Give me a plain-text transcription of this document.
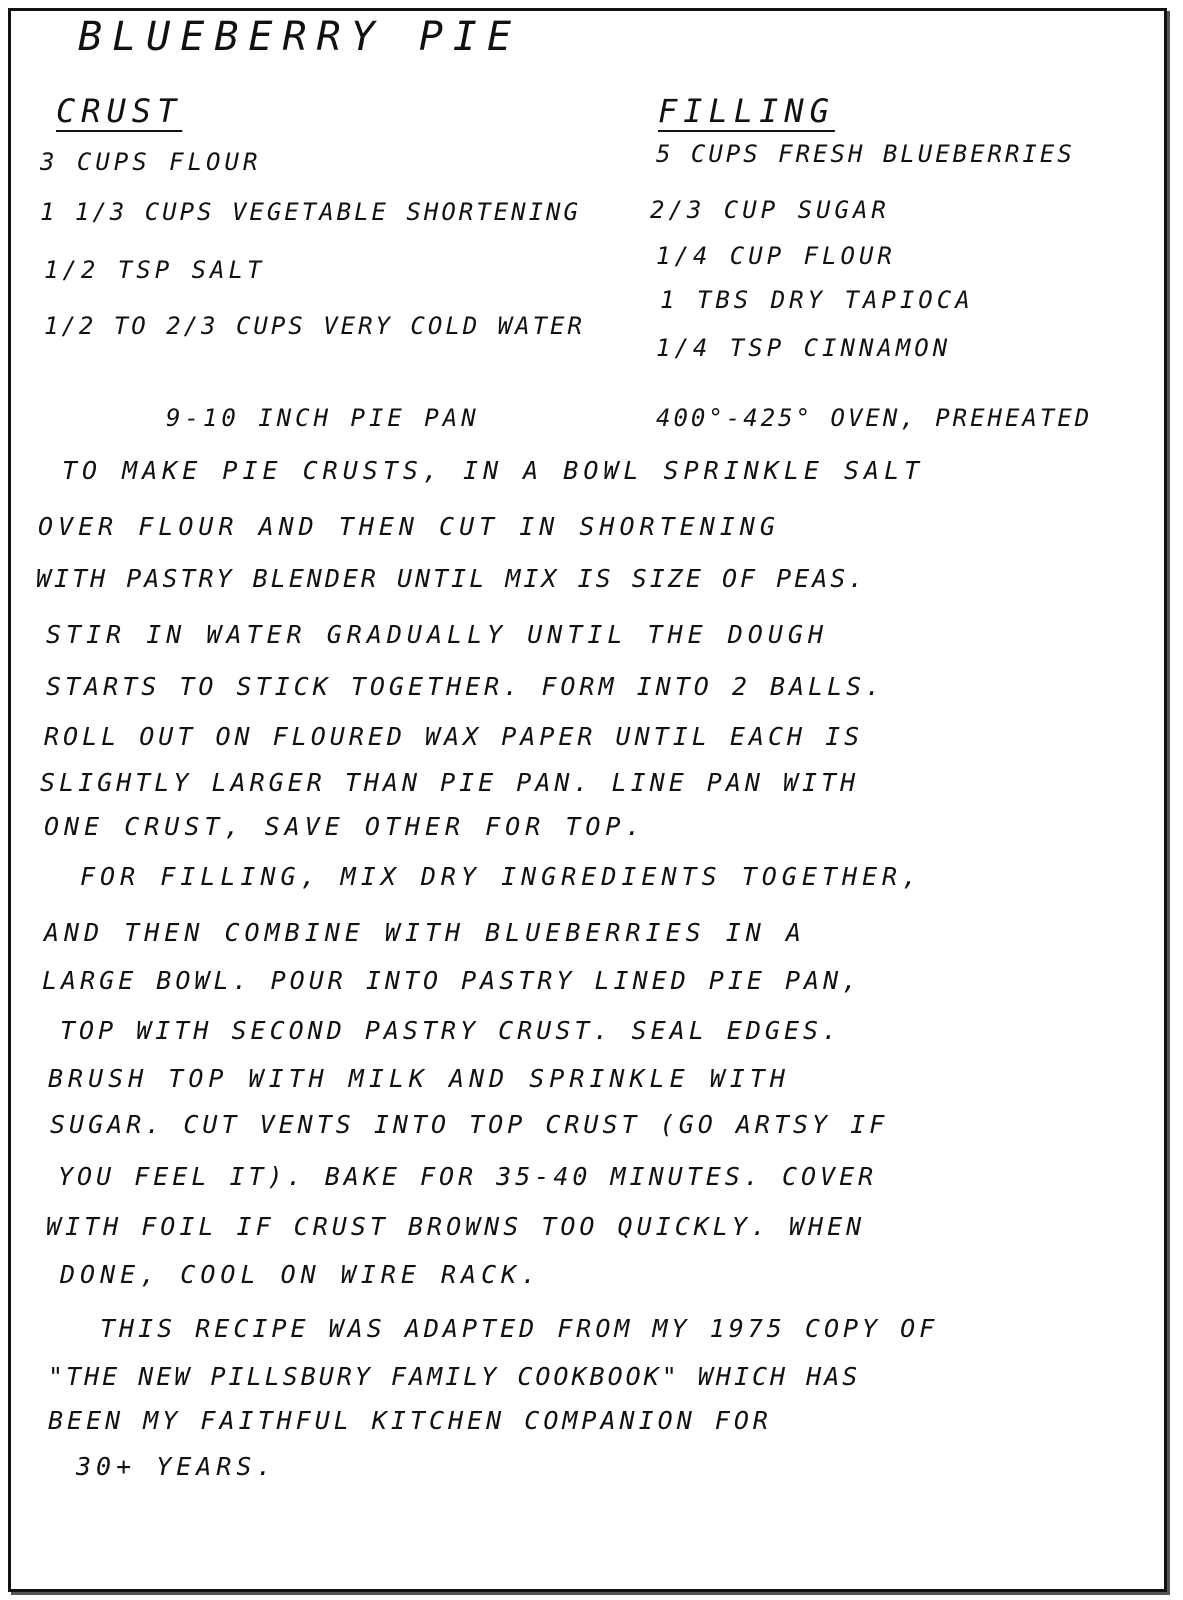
BLUEBERRY PIE
CRUST	FILLING
3 CUPS FLOUR
1 1/3 CUPS VEGETABLE SHORTENING
1/2 TSP SALT
1/2 TO 2/3 CUPS VERY COLD WATER
5 CUPS FRESH BLUEBERRIES
2/3 CUP SUGAR
1/4 CUP FLOUR
1 TBS DRY TAPIOCA
1/4 TSP CINNAMON
9-10 INCH PIE PAN	400°-425° OVEN, PREHEATED
TO MAKE PIE CRUSTS, IN A BOWL SPRINKLE SALT
OVER FLOUR AND THEN CUT IN SHORTENING
WITH PASTRY BLENDER UNTIL MIX IS SIZE OF PEAS.
STIR IN WATER GRADUALLY UNTIL THE DOUGH
STARTS TO STICK TOGETHER. FORM INTO 2 BALLS.
ROLL OUT ON FLOURED WAX PAPER UNTIL EACH IS
SLIGHTLY LARGER THAN PIE PAN. LINE PAN WITH
ONE CRUST, SAVE OTHER FOR TOP.
FOR FILLING, MIX DRY INGREDIENTS TOGETHER,
AND THEN COMBINE WITH BLUEBERRIES IN A
LARGE BOWL. POUR INTO PASTRY LINED PIE PAN,
TOP WITH SECOND PASTRY CRUST. SEAL EDGES.
BRUSH TOP WITH MILK AND SPRINKLE WITH
SUGAR. CUT VENTS INTO TOP CRUST (GO ARTSY IF
YOU FEEL IT). BAKE FOR 35-40 MINUTES. COVER
WITH FOIL IF CRUST BROWNS TOO QUICKLY. WHEN
DONE, COOL ON WIRE RACK.
THIS RECIPE WAS ADAPTED FROM MY 1975 COPY OF
"THE NEW PILLSBURY FAMILY COOKBOOK" WHICH HAS
BEEN MY FAITHFUL KITCHEN COMPANION FOR
30+ YEARS.
